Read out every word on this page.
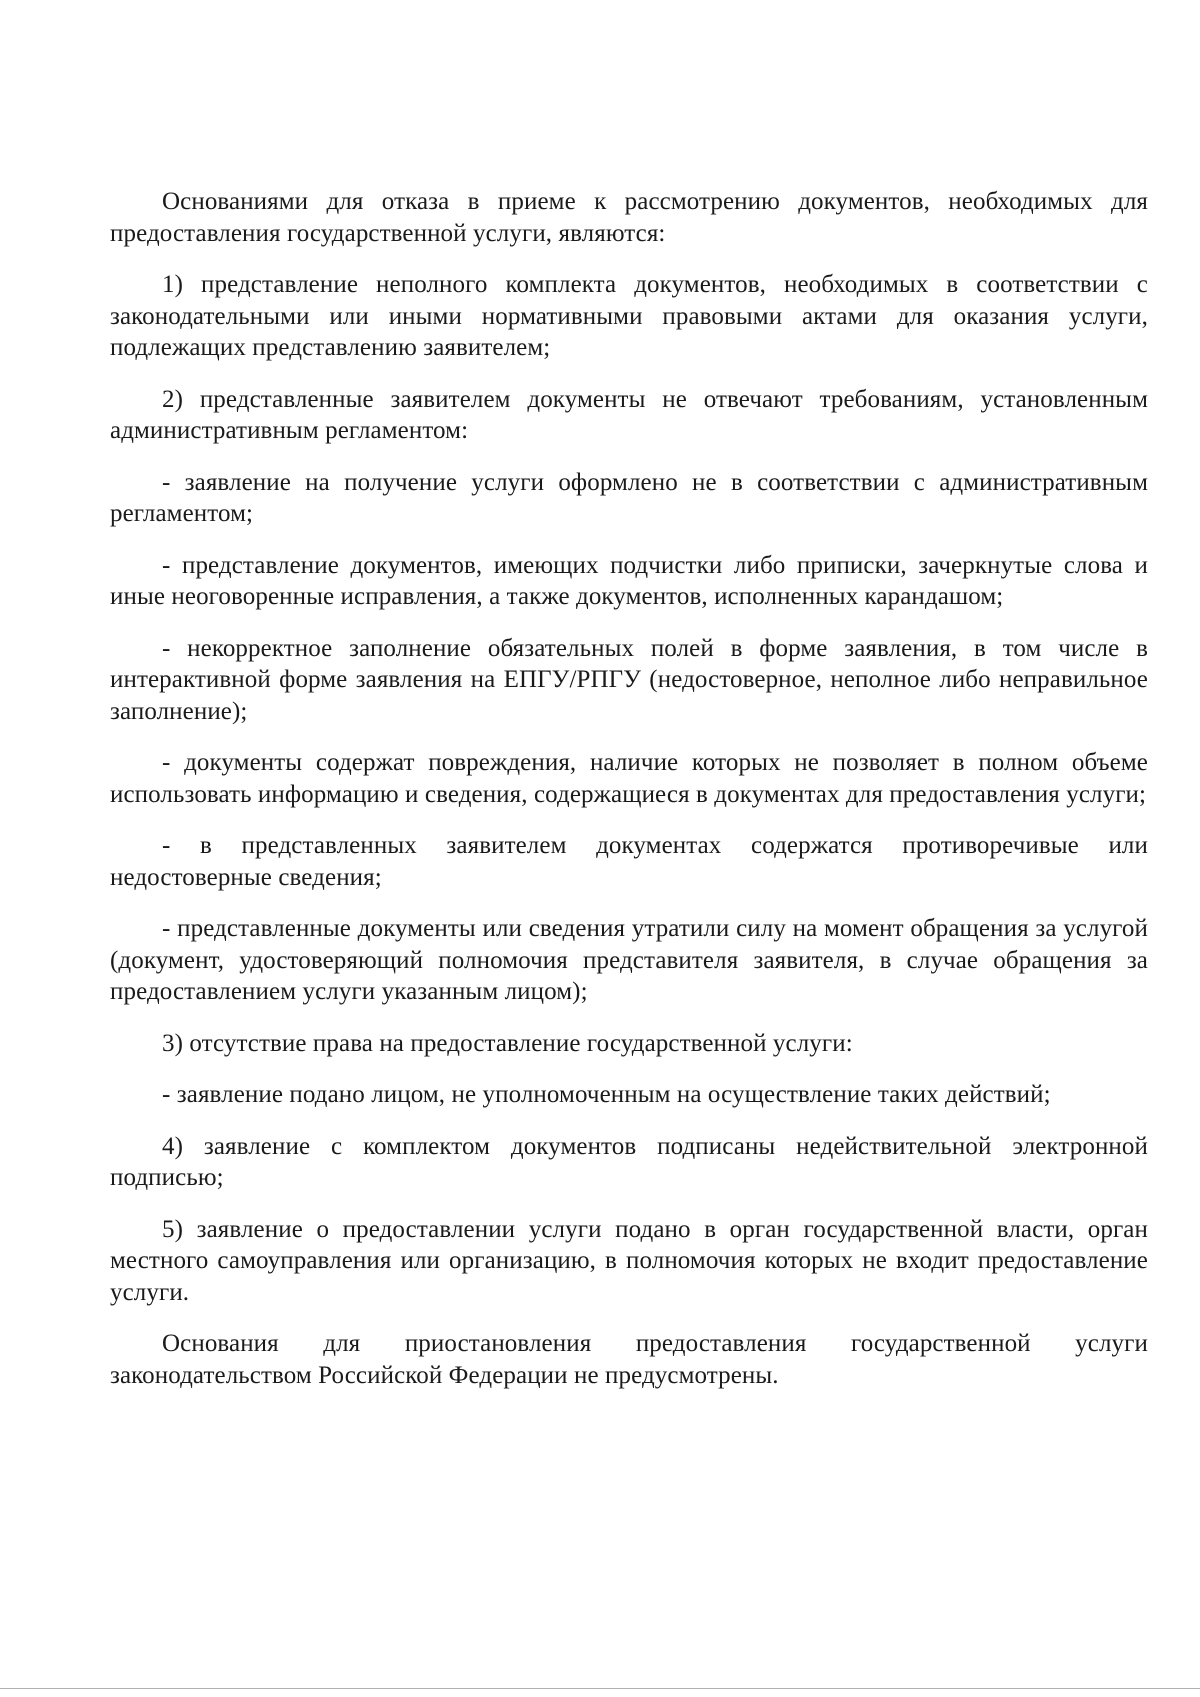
Основаниями для отказа в приеме к рассмотрению документов, необходимых для предоставления государственной услуги, являются:

1) представление неполного комплекта документов, необходимых в соответствии с законодательными или иными нормативными правовыми актами для оказания услуги, подлежащих представлению заявителем;

2) представленные заявителем документы не отвечают требованиям, установленным административным регламентом:

- заявление на получение услуги оформлено не в соответствии с административным регламентом;

- представление документов, имеющих подчистки либо приписки, зачеркнутые слова и иные неоговоренные исправления, а также документов, исполненных карандашом;

- некорректное заполнение обязательных полей в форме заявления, в том числе в интерактивной форме заявления на ЕПГУ/РПГУ (недостоверное, неполное либо неправильное заполнение);

- документы содержат повреждения, наличие которых не позволяет в полном объеме использовать информацию и сведения, содержащиеся в документах для предоставления услуги;

- в представленных заявителем документах содержатся противоречивые или недостоверные сведения;

- представленные документы или сведения утратили силу на момент обращения за услугой (документ, удостоверяющий полномочия представителя заявителя, в случае обращения за предоставлением услуги указанным лицом);

3) отсутствие права на предоставление государственной услуги:

- заявление подано лицом, не уполномоченным на осуществление таких действий;

4) заявление с комплектом документов подписаны недействительной электронной подписью;

5) заявление о предоставлении услуги подано в орган государственной власти, орган местного самоуправления или организацию, в полномочия которых не входит предоставление услуги.

Основания для приостановления предоставления государственной услуги законодательством Российской Федерации не предусмотрены.
